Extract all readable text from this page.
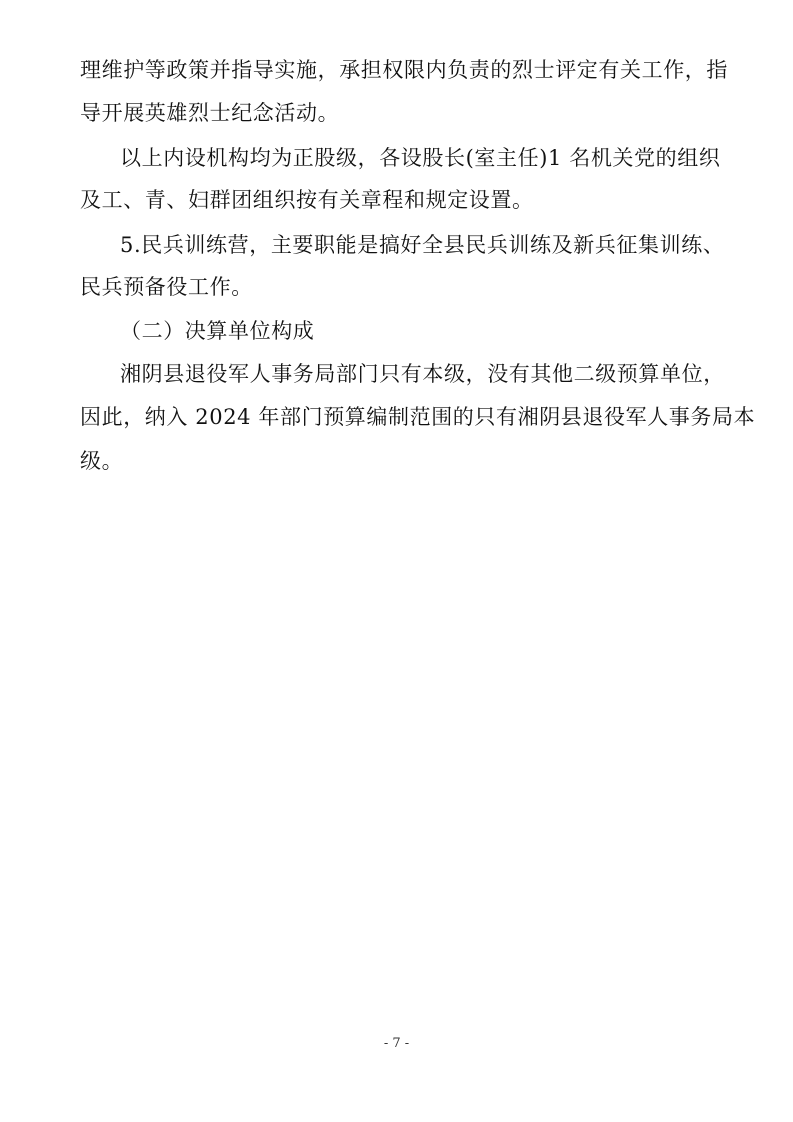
理维护等政策并指导实施，承担权限内负责的烈士评定有关工作，指
导开展英雄烈士纪念活动。
以上内设机构均为正股级，各设股长(室主任)1 名机关党的组织
及工、青、妇群团组织按有关章程和规定设置。
5.民兵训练营，主要职能是搞好全县民兵训练及新兵征集训练、
民兵预备役工作。
（二）决算单位构成
湘阴县退役军人事务局部门只有本级，没有其他二级预算单位，
因此，纳入 2024 年部门预算编制范围的只有湘阴县退役军人事务局本
级。
- 7 -
